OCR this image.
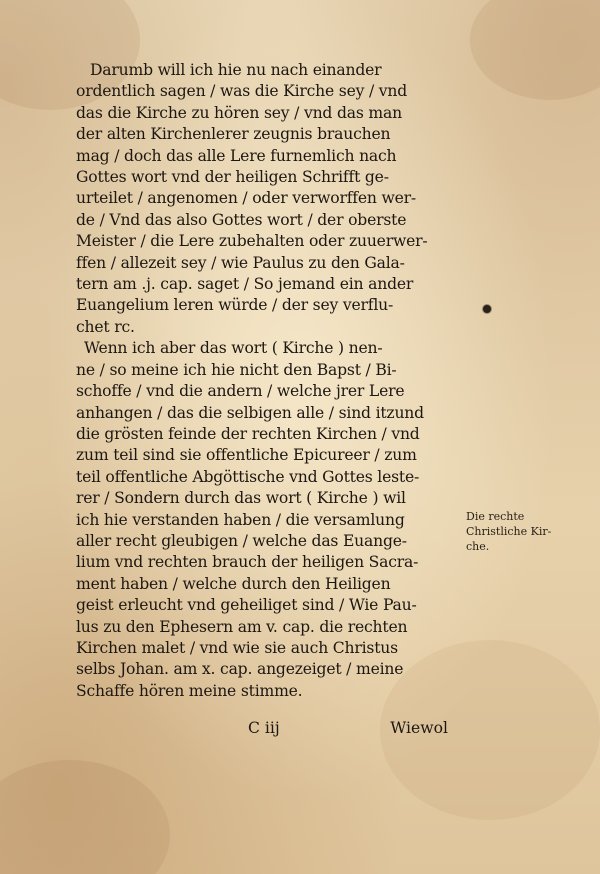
Darumb will ich hie nu nach einander
ordentlich sagen / was die Kirche sey / vnd
das die Kirche zu hören sey / vnd das man
der alten Kirchenlerer zeugnis brauchen
mag / doch das alle Lere furnemlich nach
Gottes wort vnd der heiligen Schrifft ge-
urteilet / angenomen / oder verworffen wer-
de / Vnd das also Gottes wort / der oberste
Meister / die Lere zubehalten oder zuuerwer-
ffen / allezeit sey / wie Paulus zu den Gala-
tern am .j. cap. saget / So jemand ein ander
Euangelium leren würde / der sey verflu-
chet rc.
Wenn ich aber das wort ( Kirche ) nen-
ne / so meine ich hie nicht den Bapst / Bi-
schoffe / vnd die andern / welche jrer Lere
anhangen / das die selbigen alle / sind itzund
die grösten feinde der rechten Kirchen / vnd
zum teil sind sie offentliche Epicureer / zum
teil offentliche Abgöttische vnd Gottes leste-
rer / Sondern durch das wort ( Kirche ) wil
ich hie verstanden haben / die versamlung
aller recht gleubigen / welche das Euange-
lium vnd rechten brauch der heiligen Sacra-
ment haben / welche durch den Heiligen
geist erleucht vnd geheiliget sind / Wie Pau-
lus zu den Ephesern am v. cap. die rechten
Kirchen malet / vnd wie sie auch Christus
selbs Johan. am x. cap. angezeiget / meine
Schaffe hören meine stimme.
Die rechte
Christliche Kir-
che.
C iij	Wiewol
